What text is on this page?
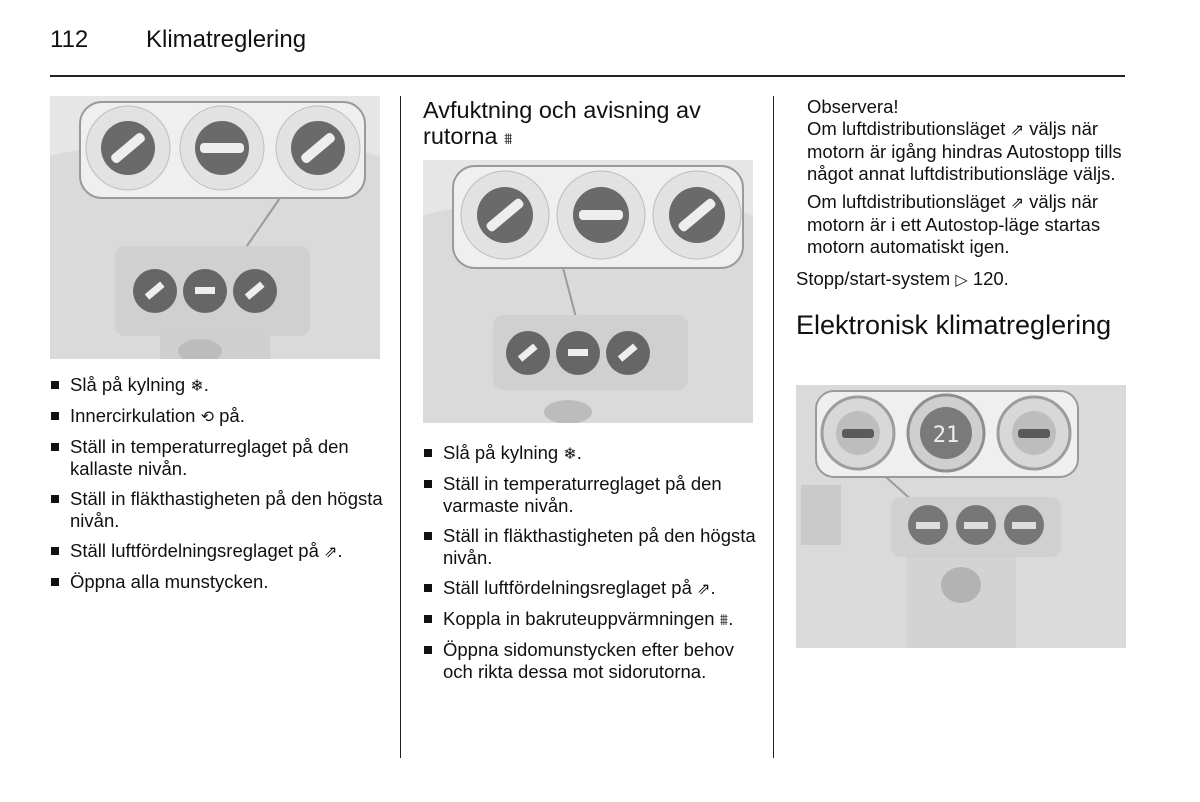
112 Klimatreglering
Slå på kylning ❄.
Innercirkulation ⟲ på.
Ställ in temperaturreglaget på den kallaste nivån.
Ställ in fläkthastigheten på den högsta nivån.
Ställ luftfördelningsreglaget på ⇗.
Öppna alla munstycken.
Avfuktning och avisning av rutorna ⩩
Slå på kylning ❄.
Ställ in temperaturreglaget på den varmaste nivån.
Ställ in fläkthastigheten på den högsta nivån.
Ställ luftfördelningsreglaget på ⇗.
Koppla in bakruteuppvärmningen ⩩.
Öppna sidomunstycken efter behov och rikta dessa mot sidorutorna.
Observera!
Om luftdistributionsläget ⇗ väljs när motorn är igång hindras Autostopp tills något annat luftdistributionsläge väljs.
Om luftdistributionsläget ⇗ väljs när motorn är i ett Autostop-läge startas motorn automatiskt igen.
Stopp/start-system ▷ 120.
Elektronisk klimatreglering
21
